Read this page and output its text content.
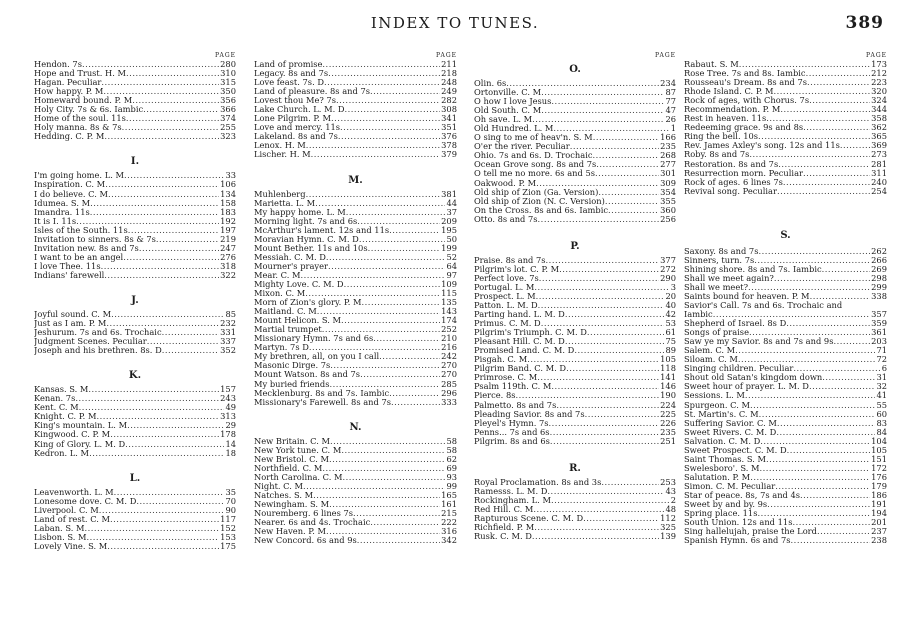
INDEX TO TUNES.	389
PAGE
Hendon. 7s .....	280
Hope and Trust. H. M .....	310
Hagan. Peculiar .....	315
How happy. P. M .....	350
Homeward bound. P. M .....	356
Holy City. 7s & 6s. Iambic .....	366
Home of the soul. 11s .....	374
Holy manna. 8s & 7s .....	255
Hedding. C. P. M .....	323
I.
I'm going home. L. M .....	33
Inspiration. C. M .....	106
I do believe. C. M .....	134
Idumea. S. M .....	158
Imandra. 11s .....	183
It is I. 11s .....	192
Isles of the South. 11s .....	197
Invitation to sinners. 8s & 7s .....	219
Invitation new. 8s and 7s .....	247
I want to be an angel .....	276
I love Thee. 11s .....	318
Indians' farewell .....	322
J.
Joyful sound. C. M .....	85
Just as I am. P. M .....	232
Jeshurum. 7s and 6s. Trochaic .....	331
Judgment Scenes. Peculiar .....	337
Joseph and his brethren. 8s. D .....	352
K.
Kansas. S. M .....	157
Kenan. 7s .....	243
Kent. C. M .....	49
Knight. C. P. M .....	313
King's mountain. L. M .....	29
Kingwood. C. P. M .....	178
King of Glory. L. M. D .....	14
Kedron. L. M .....	18
L.
Leavenworth. L. M .....	35
Lonesome dove. C. M. D .....	70
Liverpool. C. M .....	90
Land of rest. C. M .....	117
Laban. S. M .....	152
Lisbon. S. M .....	153
Lovely Vine. S. M .....	175
PAGE
Land of promise .....	211
Legacy. 8s and 7s .....	218
Love feast. 7s. D .....	248
Land of pleasure. 8s and 7s .....	249
Lovest thou Me? 7s .....	282
Lake Church. L. M. D .....	308
Lone Pilgrim. P. M .....	341
Love and mercy. 11s .....	351
Lakeland. 8s and 7s .....	376
Lenox. H. M .....	378
Lischer. H. M .....	379
M.
Muhlenberg .....	381
Marietta. L. M .....	44
My happy home. L. M .....	37
Morning light. 7s and 6s .....	209
McArthur's lament. 12s and 11s .....	195
Moravian Hymn. C. M. D .....	50
Mount Bether. 11s and 10s .....	199
Messiah. C. M. D .....	52
Mourner's prayer .....	64
Mear. C. M .....	97
Mighty Love. C. M. D .....	109
Mixon. C. M .....	115
Morn of Zion's glory. P. M .....	135
Maitland. C. M .....	143
Mount Helicon. S. M .....	174
Martial trumpet .....	252
Missionary Hymn. 7s and 6s .....	210
Martyn. 7s D .....	216
My brethren, all, on you I call .....	242
Masonic Dirge. 7s .....	270
Mount Watson. 8s and 7s .....	270
My buried friends .....	285
Mecklenburg. 8s and 7s. Iambic .....	296
Missionary's Farewell. 8s and 7s .....	333
N.
New Britain. C. M .....	58
New York tune. C. M .....	58
New Bristol. C. M .....	62
Northfield. C. M .....	69
North Carolina. C. M .....	93
Night. C. M .....	99
Natches. S. M .....	165
Newingham. S. M .....	161
Nouremberg. 6 lines 7s .....	215
Nearer. 6s and 4s. Trochaic .....	222
New Haven. P. M .....	316
New Concord. 6s and 9s .....	342
PAGE
O.
Olin. 6s .....	234
Ortonville. C. M .....	87
O how I love Jesus .....	77
Old South. C. M .....	47
Oh save. L. M .....	26
Old Hundred. L. M .....	1
O sing to me of heav'n. S. M .....	166
O'er the river. Peculiar .....	235
Ohio. 7s and 6s. D. Trochaic .....	268
Ocean Grove song. 8s and 7s .....	277
O tell me no more. 6s and 5s .....	301
Oakwood. P. M .....	309
Old ship of Zion (Ga. Version) .....	354
Old ship of Zion (N. C. Version) .....	355
On the Cross. 8s and 6s. Iambic .....	360
Otto. 8s and 7s .....	256
P.
Praise. 8s and 7s .....	377
Pilgrim's lot. C. P. M .....	272
Perfect love. 7s .....	290
Portugal. L. M .....	3
Prospect. L. M .....	20
Patton. L. M. D .....	40
Parting hand. L. M. D .....	42
Primus. C. M. D .....	53
Pilgrim's Triumph. C. M. D .....	61
Pleasant Hill. C. M. D .....	75
Promised Land. C. M. D .....	89
Pisgah. C. M .....	105
Pilgrim Band. C. M. D .....	118
Primrose. C. M .....	141
Psalm 119th. C. M .....	146
Pierce. 8s .....	190
Palmetto. 8s and 7s .....	224
Pleading Savior. 8s and 7s .....	225
Pleyel's Hymn. 7s .....	226
Penns... 7s and 6s .....	235
Pilgrim. 8s and 6s .....	251
R.
Royal Proclamation. 8s and 3s .....	253
Ramesss. L. M. D .....	43
Rockingham. L. M .....	2
Red Hill. C. M .....	48
Rapturous Scene. C. M. D .....	112
Richfield. P. M .....	325
Rusk. C. M. D .....	139
PAGE
Rabaut. S. M .....	173
Rose Tree. 7s and 8s. Iambic .....	212
Rousseau's Dream. 8s and 7s .....	223
Rhode Island. C. P. M .....	320
Rock of ages, with Chorus. 7s .....	324
Recommendation. P. M .....	344
Rest in heaven. 11s .....	358
Redeeming grace. 9s and 8s .....	362
Ring the bell. 10s .....	365
Rev. James Axley's song. 12s and 11s .....	369
Roby. 8s and 7s .....	273
Restoration. 8s and 7s .....	281
Resurrection morn. Peculiar .....	311
Rock of ages. 6 lines 7s .....	240
Revival song. Peculiar .....	254
S.
Saxony. 8s and 7s .....	262
Sinners, turn. 7s .....	266
Shining shore. 8s and 7s. Iambic .....	269
Shall we meet again? .....	298
Shall we meet? .....	299
Saints bound for heaven. P. M .....	338
Savior's Call. 7s and 6s. Trochaic and
Iambic .....	357
Shepherd of Israel. 8s D .....	359
Songs of praise .....	361
Saw ye my Savior. 8s and 7s and 9s .....	203
Salem. C. M .....	71
Siloam. C. M .....	72
Singing children. Peculiar .....	6
Shout old Satan's kingdom down .....	31
Sweet hour of prayer. L. M. D .....	32
Sessions. L. M .....	41
Spurgeon. C. M .....	55
St. Martin's. C. M .....	60
Suffering Savior. C. M .....	83
Sweet Rivers. C. M. D .....	84
Salvation. C. M. D .....	104
Sweet Prospect. C. M. D .....	105
Saint Thomas. S. M .....	151
Swelesboro'. S. M .....	172
Salutation. P. M .....	176
Simon. C. M. Peculiar .....	179
Star of peace. 8s, 7s and 4s .....	186
Sweet by and by. 9s .....	191
Spring place. 11s .....	194
South Union. 12s and 11s .....	201
Sing hallelujah, praise the Lord .....	237
Spanish Hymn. 6s and 7s .....	238
